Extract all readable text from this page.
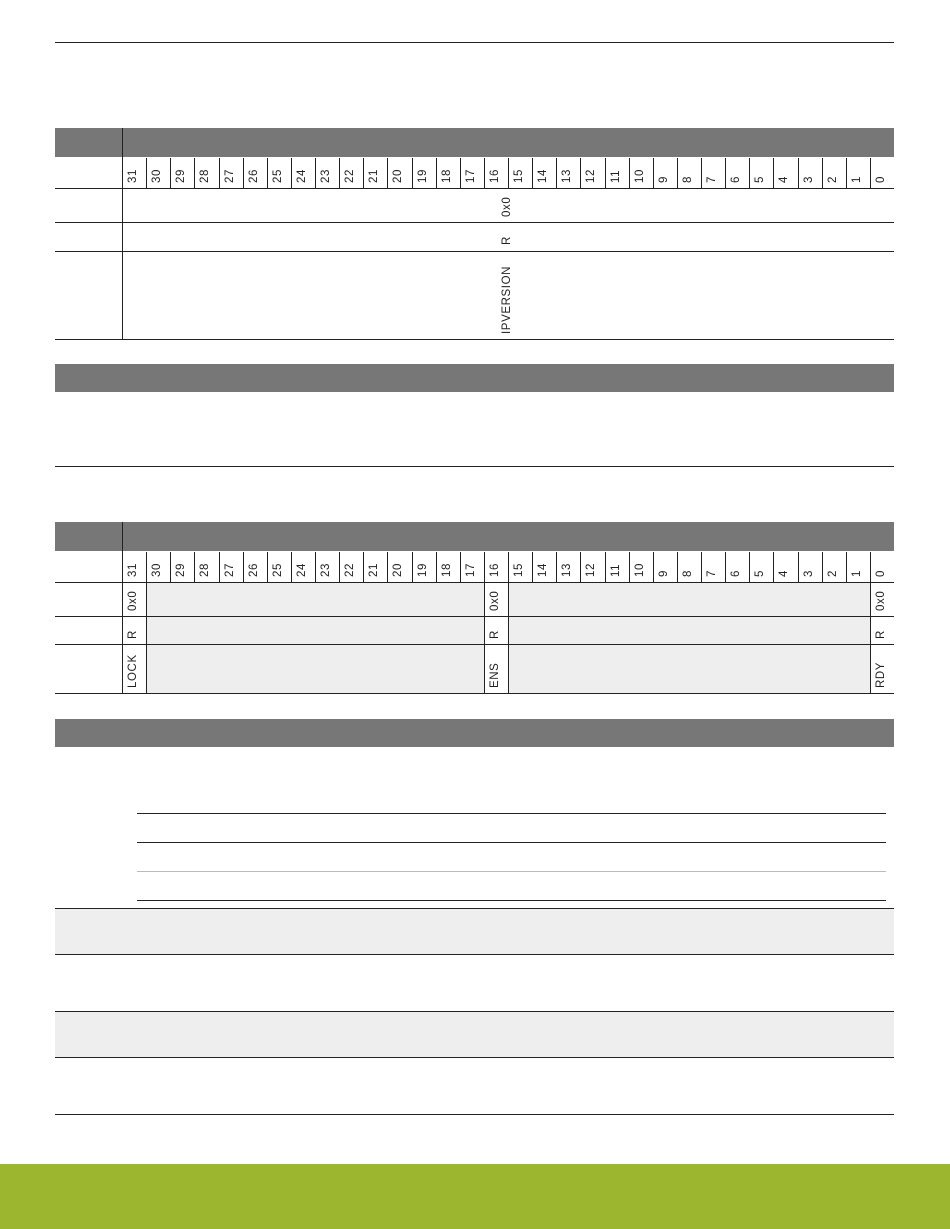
31 30 29 28 27 26 25 24 23 22 21 20 19 18 17 16 15 14 13 12 11 10 9 8 7 6 5 4 3 2 1 0
0x0
R
IPVERSION
31 30 29 28 27 26 25 24 23 22 21 20 19 18 17 16 15 14 13 12 11 10 9 8 7 6 5 4 3 2 1 0
0x0
R
LOCK
0x0
R
ENS
0x0
R
RDY
